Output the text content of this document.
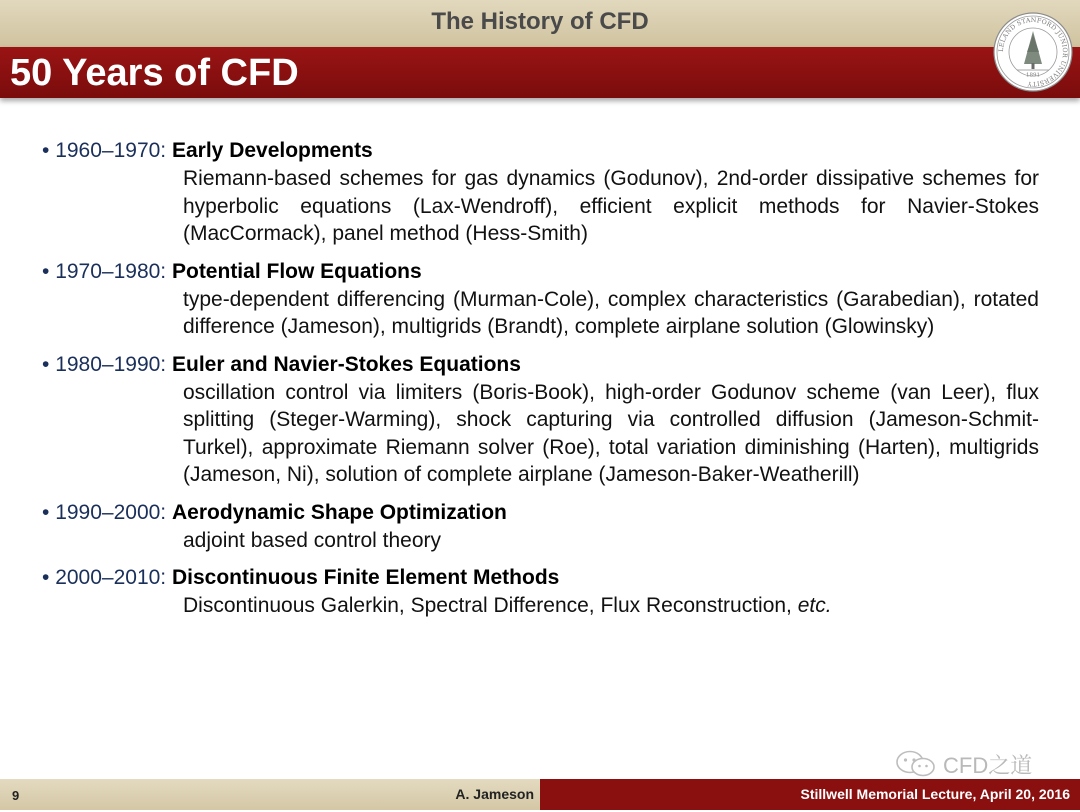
The History of CFD
50 Years of CFD
LELAND STANFORD JUNIOR UNIVERSITY
1891
• 1960–1970: Early Developments
Riemann-based schemes for gas dynamics (Godunov), 2nd-order dissipative schemes for hyperbolic equations (Lax-Wendroff), efficient explicit methods for Navier-Stokes (MacCormack), panel method (Hess-Smith)
• 1970–1980: Potential Flow Equations
type-dependent differencing (Murman-Cole), complex characteristics (Garabedian), rotated difference (Jameson), multigrids (Brandt), complete airplane solution (Glowinsky)
• 1980–1990: Euler and Navier-Stokes Equations
oscillation control via limiters (Boris-Book), high-order Godunov scheme (van Leer), flux splitting (Steger-Warming), shock capturing via controlled diffusion (Jameson-Schmit-Turkel), approximate Riemann solver (Roe), total variation diminishing (Harten), multigrids (Jameson, Ni), solution of complete airplane (Jameson-Baker-Weatherill)
• 1990–2000: Aerodynamic Shape Optimization
adjoint based control theory
• 2000–2010: Discontinuous Finite Element Methods
Discontinuous Galerkin, Spectral Difference, Flux Reconstruction, etc.
CFD之道
9	A. Jameson	Stillwell Memorial Lecture, April 20, 2016
